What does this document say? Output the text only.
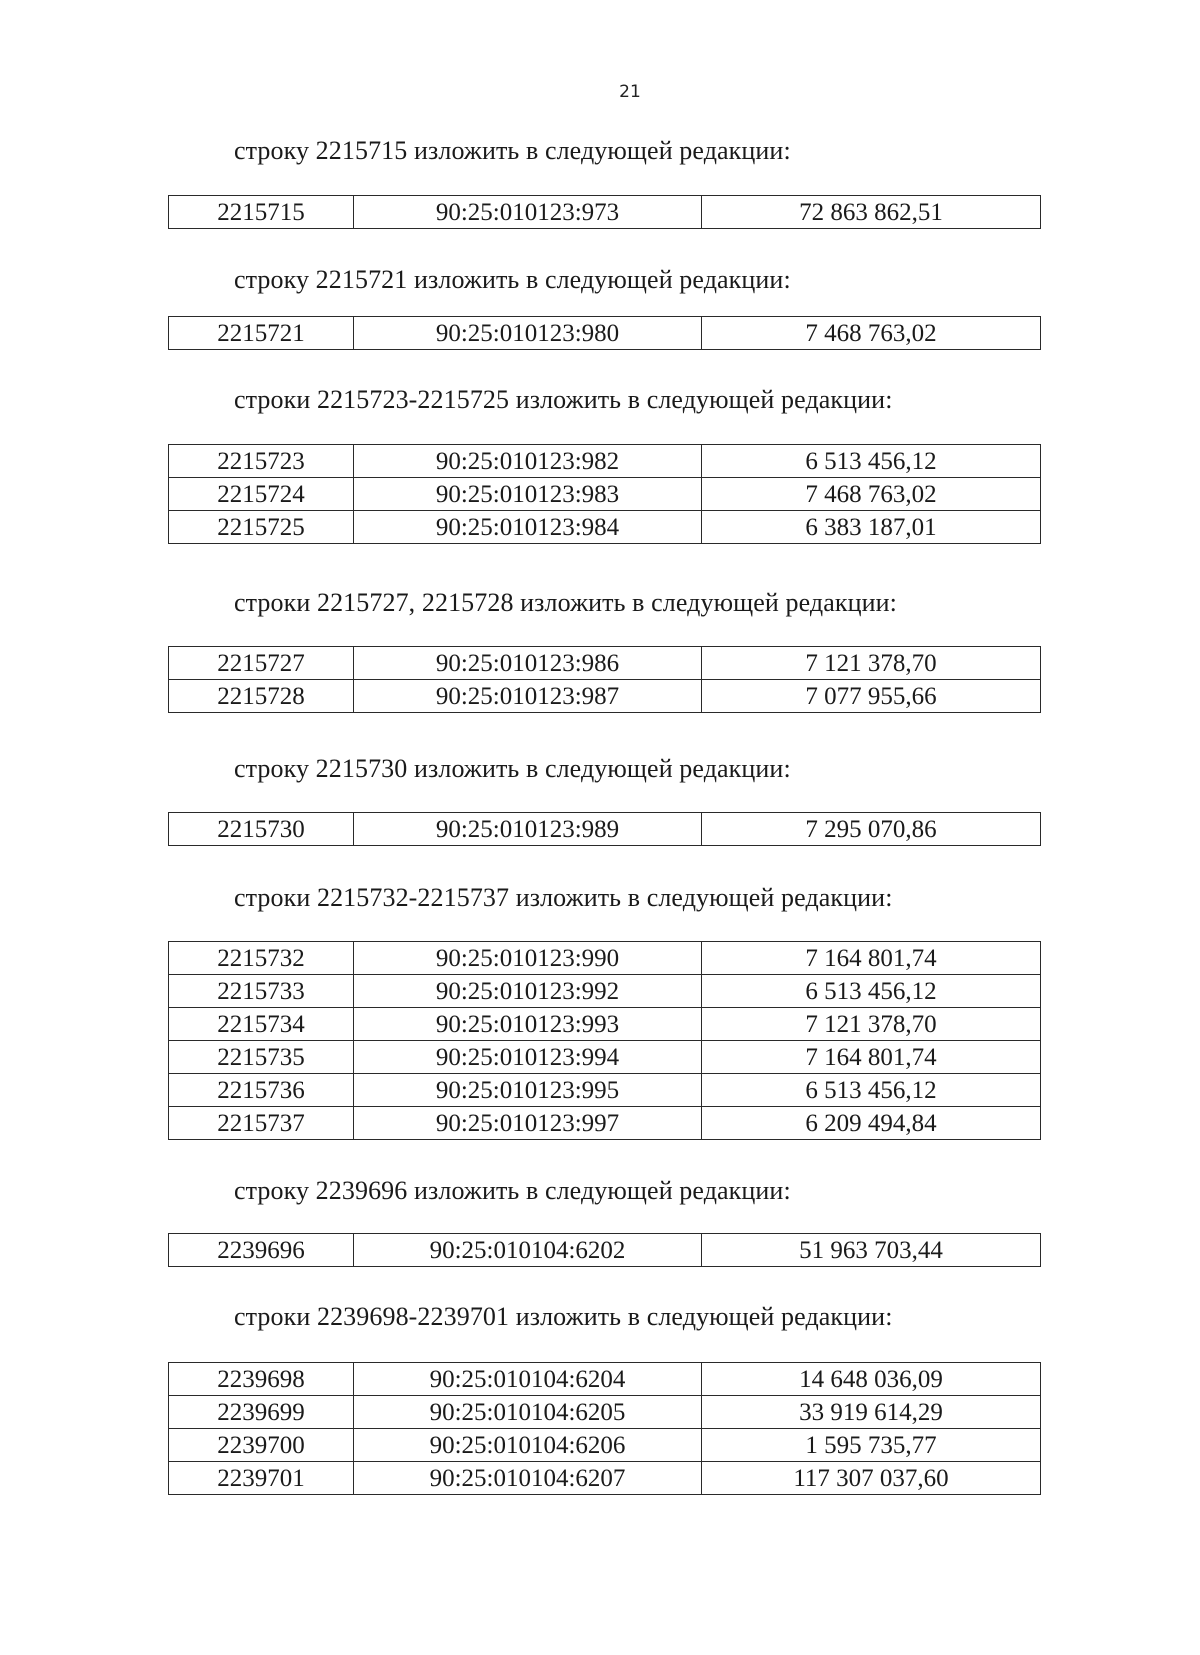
21
строку 2215715 изложить в следующей редакции:
2215715	90:25:010123:973	72 863 862,51
строку 2215721 изложить в следующей редакции:
2215721	90:25:010123:980	7 468 763,02
строки 2215723-2215725 изложить в следующей редакции:
2215723	90:25:010123:982	6 513 456,12
2215724	90:25:010123:983	7 468 763,02
2215725	90:25:010123:984	6 383 187,01
строки 2215727, 2215728 изложить в следующей редакции:
2215727	90:25:010123:986	7 121 378,70
2215728	90:25:010123:987	7 077 955,66
строку 2215730 изложить в следующей редакции:
2215730	90:25:010123:989	7 295 070,86
строки 2215732-2215737 изложить в следующей редакции:
2215732	90:25:010123:990	7 164 801,74
2215733	90:25:010123:992	6 513 456,12
2215734	90:25:010123:993	7 121 378,70
2215735	90:25:010123:994	7 164 801,74
2215736	90:25:010123:995	6 513 456,12
2215737	90:25:010123:997	6 209 494,84
строку 2239696 изложить в следующей редакции:
2239696	90:25:010104:6202	51 963 703,44
строки 2239698-2239701 изложить в следующей редакции:
2239698	90:25:010104:6204	14 648 036,09
2239699	90:25:010104:6205	33 919 614,29
2239700	90:25:010104:6206	1 595 735,77
2239701	90:25:010104:6207	117 307 037,60
